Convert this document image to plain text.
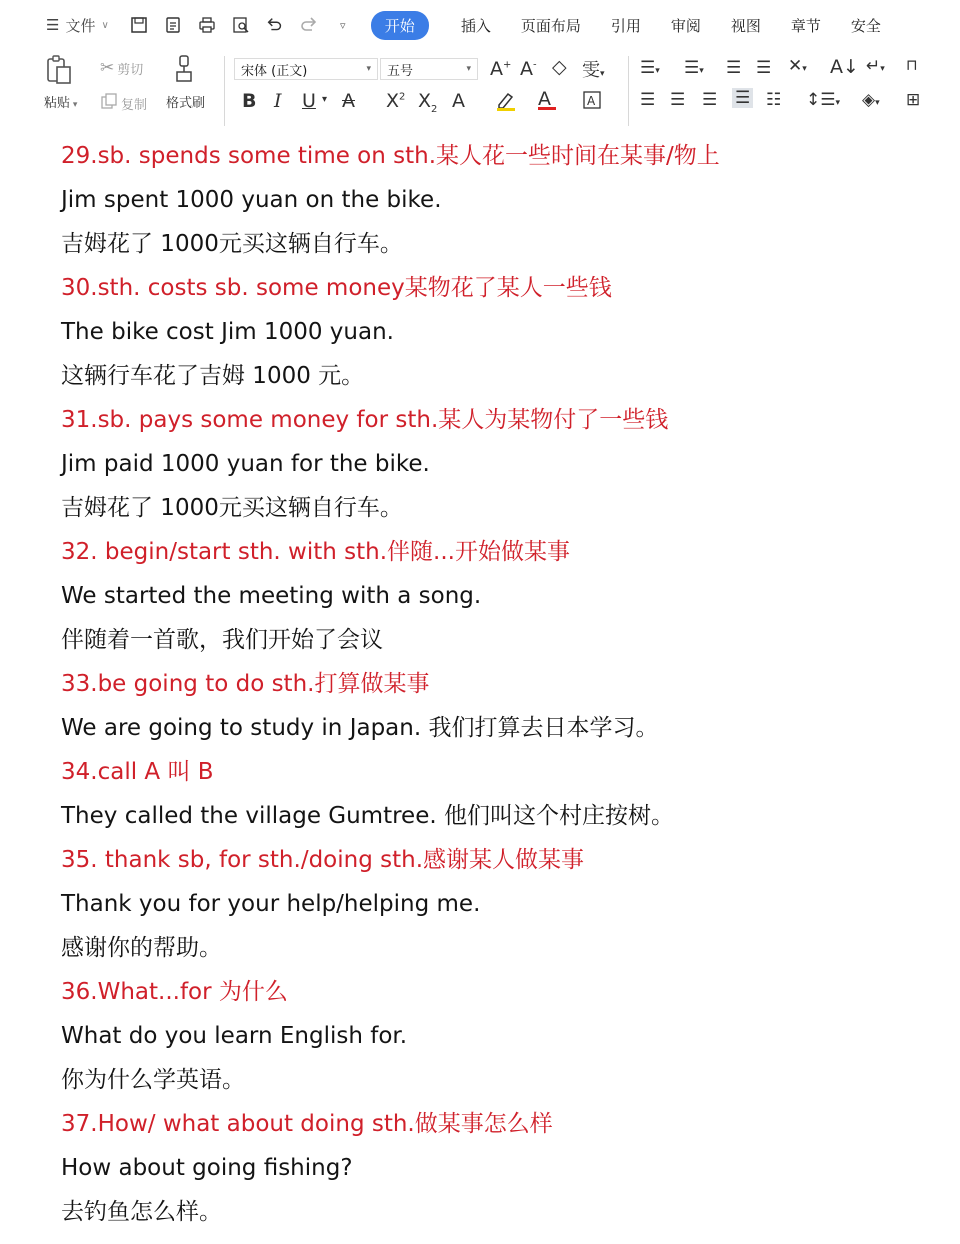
☰ 文件 ∨	▿	开始	插入 页面布局 引用 审阅 视图 章节 安全
粘贴 ▾
✂ 剪切
复制 格式刷
宋体 (正文)	▾ 五号	▾ A+ A- ◇ 雯▾
B I U ▾ A $X^2$ $X_2$ A	A	A
☰▾ ☰▾ ☰ ☰ ✕▾ A↓ ↵▾ ⊓
☰ ☰ ☰ ☰ ☷ ↕☰▾ ◈▾ ⊞
29.sb. spends some time on sth.某人花一些时间在某事/物上
Jim spent 1000 yuan on the bike.
吉姆花了 1000元买这辆自行车。
30.sth. costs sb. some money某物花了某人一些钱
The bike cost Jim 1000 yuan.
这辆行车花了吉姆 1000 元。
31.sb. pays some money for sth.某人为某物付了一些钱
Jim paid 1000 yuan for the bike.
吉姆花了 1000元买这辆自行车。
32. begin/start sth. with sth.伴随...开始做某事
We started the meeting with a song.
伴随着一首歌，我们开始了会议
33.be going to do sth.打算做某事
We are going to study in Japan. 我们打算去日本学习。
34.call A 叫 B
They called the village Gumtree. 他们叫这个村庄按树。
35. thank sb, for sth./doing sth.感谢某人做某事
Thank you for your help/helping me.
感谢你的帮助。
36.What...for 为什么
What do you learn English for.
你为什么学英语。
37.How/ what about doing sth.做某事怎么样
How about going fishing?
去钓鱼怎么样。
